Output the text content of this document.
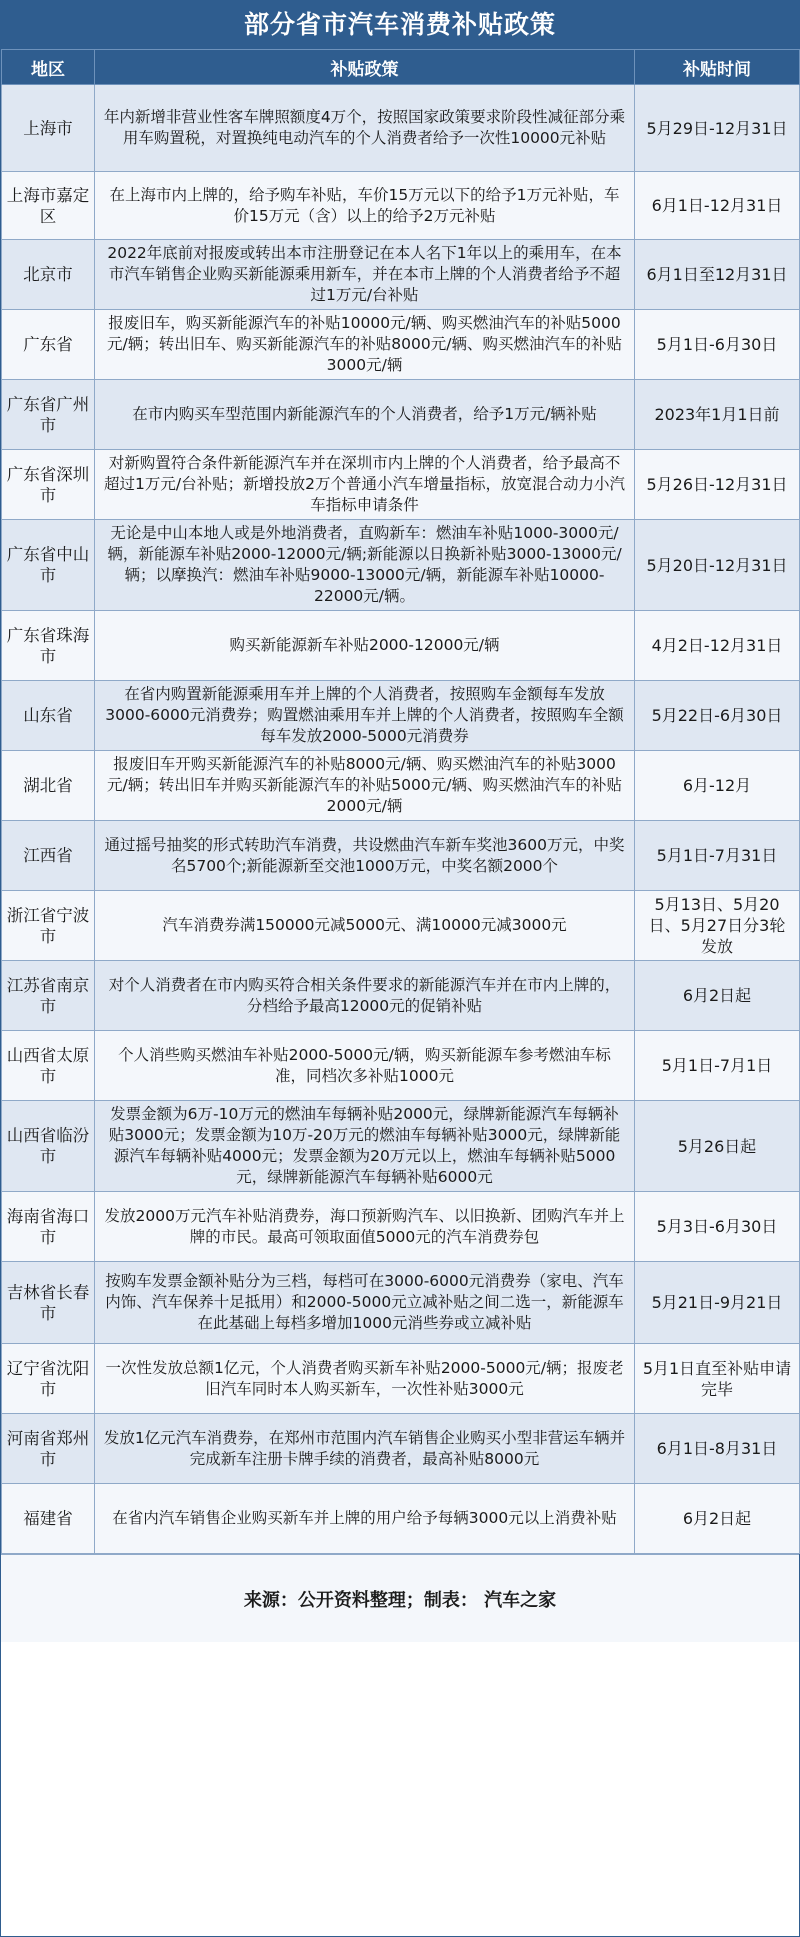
部分省市汽车消费补贴政策
地区	补贴政策	补贴时间
上海市	年内新增非营业性客车牌照额度4万个，按照国家政策要求阶段性减征部分乘用车购置税，对置换纯电动汽车的个人消费者给予一次性10000元补贴	5月29日-12月31日
上海市嘉定区	在上海市内上牌的，给予购车补贴，车价15万元以下的给予1万元补贴，车价15万元（含）以上的给予2万元补贴	6月1日-12月31日
北京市	2022年底前对报废或转出本市注册登记在本人名下1年以上的乘用车，在本市汽车销售企业购买新能源乘用新车，并在本市上牌的个人消费者给予不超过1万元/台补贴	6月1日至12月31日
广东省	报废旧车，购买新能源汽车的补贴10000元/辆、购买燃油汽车的补贴5000元/辆；转出旧车、购买新能源汽车的补贴8000元/辆、购买燃油汽车的补贴3000元/辆	5月1日-6月30日
广东省广州市	在市内购买车型范围内新能源汽车的个人消费者，给予1万元/辆补贴	2023年1月1日前
广东省深圳市	对新购置符合条件新能源汽车并在深圳市内上牌的个人消费者，给予最高不超过1万元/台补贴；新增投放2万个普通小汽车增量指标，放宽混合动力小汽车指标申请条件	5月26日-12月31日
广东省中山市	无论是中山本地人或是外地消费者，直购新车：燃油车补贴1000-3000元/辆，新能源车补贴2000-12000元/辆;新能源以日换新补贴3000-13000元/辆；以摩换汽：燃油车补贴9000-13000元/辆，新能源车补贴10000-22000元/辆。	5月20日-12月31日
广东省珠海市	购买新能源新车补贴2000-12000元/辆	4月2日-12月31日
山东省	在省内购置新能源乘用车并上牌的个人消费者，按照购车金额每车发放3000-6000元消费券；购置燃油乘用车并上牌的个人消费者，按照购车全额每车发放2000-5000元消费券	5月22日-6月30日
湖北省	报废旧车开购买新能源汽车的补贴8000元/辆、购买燃油汽车的补贴3000元/辆；转出旧车并购买新能源汽车的补贴5000元/辆、购买燃油汽车的补贴2000元/辆	6月-12月
江西省	通过摇号抽奖的形式转助汽车消费，共设燃曲汽车新车奖池3600万元，中奖名5700个;新能源新至交池1000万元，中奖名额2000个	5月1日-7月31日
浙江省宁波市	汽车消费券满150000元减5000元、满10000元减3000元	5月13日、5月20日、5月27日分3轮发放
江苏省南京市	对个人消费者在市内购买符合相关条件要求的新能源汽车并在市内上牌的，分档给予最高12000元的促销补贴	6月2日起
山西省太原市	个人消些购买燃油车补贴2000-5000元/辆，购买新能源车参考燃油车标准，同档次多补贴1000元	5月1日-7月1日
山西省临汾市	发票金额为6万-10万元的燃油车每辆补贴2000元，绿牌新能源汽车每辆补贴3000元；发票金额为10万-20万元的燃油车每辆补贴3000元，绿牌新能源汽车每辆补贴4000元；发票金额为20万元以上，燃油车每辆补贴5000元，绿牌新能源汽车每辆补贴6000元	5月26日起
海南省海口市	发放2000万元汽车补贴消费券，海口预新购汽车、以旧换新、团购汽车并上牌的市民。最高可领取面值5000元的汽车消费券包	5月3日-6月30日
吉林省长春市	按购车发票金额补贴分为三档，每档可在3000-6000元消费券（家电、汽车内饰、汽车保养十足抵用）和2000-5000元立减补贴之间二选一，新能源车在此基础上每档多增加1000元消些券或立减补贴	5月21日-9月21日
辽宁省沈阳市	一次性发放总额1亿元，个人消费者购买新车补贴2000-5000元/辆；报废老旧汽车同时本人购买新车，一次性补贴3000元	5月1日直至补贴申请完毕
河南省郑州市	发放1亿元汽车消费券，在郑州市范围内汽车销售企业购买小型非营运车辆并完成新车注册卡牌手续的消费者，最高补贴8000元	6月1日-8月31日
福建省	在省内汽车销售企业购买新车并上牌的用户给予每辆3000元以上消费补贴	6月2日起
来源：公开资料整理；制表： 汽车之家
